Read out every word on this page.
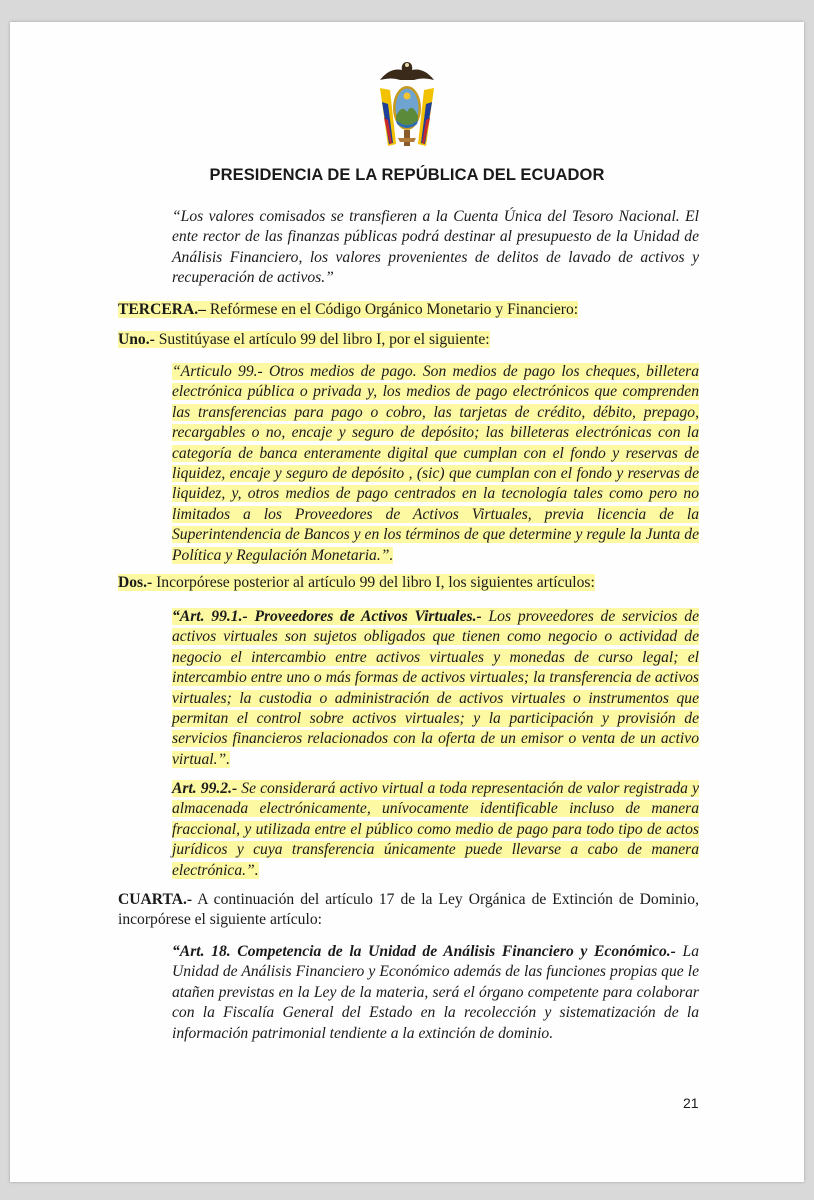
PRESIDENCIA DE LA REPÚBLICA DEL ECUADOR

“Los valores comisados se transfieren a la Cuenta Única del Tesoro Nacional. El ente rector de las finanzas públicas podrá destinar al presupuesto de la Unidad de Análisis Financiero, los valores provenientes de delitos de lavado de activos y recuperación de activos.”

TERCERA.– Refórmese en el Código Orgánico Monetario y Financiero:

Uno.- Sustitúyase el artículo 99 del libro I, por el siguiente:

“Articulo 99.- Otros medios de pago. Son medios de pago los cheques, billetera electrónica pública o privada y, los medios de pago electrónicos que comprenden las transferencias para pago o cobro, las tarjetas de crédito, débito, prepago, recargables o no, encaje y seguro de depósito; las billeteras electrónicas con la categoría de banca enteramente digital que cumplan con el fondo y reservas de liquidez, encaje y seguro de depósito , (sic) que cumplan con el fondo y reservas de liquidez, y, otros medios de pago centrados en la tecnología tales como pero no limitados a los Proveedores de Activos Virtuales, previa licencia de la Superintendencia de Bancos y en los términos de que determine y regule la Junta de Política y Regulación Monetaria.”.

Dos.- Incorpórese posterior al artículo 99 del libro I, los siguientes artículos:

“Art. 99.1.- Proveedores de Activos Virtuales.- Los proveedores de servicios de activos virtuales son sujetos obligados que tienen como negocio o actividad de negocio el intercambio entre activos virtuales y monedas de curso legal; el intercambio entre uno o más formas de activos virtuales; la transferencia de activos virtuales; la custodia o administración de activos virtuales o instrumentos que permitan el control sobre activos virtuales; y la participación y provisión de servicios financieros relacionados con la oferta de un emisor o venta de un activo virtual.”.

Art. 99.2.- Se considerará activo virtual a toda representación de valor registrada y almacenada electrónicamente, unívocamente identificable incluso de manera fraccional, y utilizada entre el público como medio de pago para todo tipo de actos jurídicos y cuya transferencia únicamente puede llevarse a cabo de manera electrónica.”.

CUARTA.- A continuación del artículo 17 de la Ley Orgánica de Extinción de Dominio, incorpórese el siguiente artículo:

“Art. 18. Competencia de la Unidad de Análisis Financiero y Económico.- La Unidad de Análisis Financiero y Económico además de las funciones propias que le atañen previstas en la Ley de la materia, será el órgano competente para colaborar con la Fiscalía General del Estado en la recolección y sistematización de la información patrimonial tendiente a la extinción de dominio.

21
